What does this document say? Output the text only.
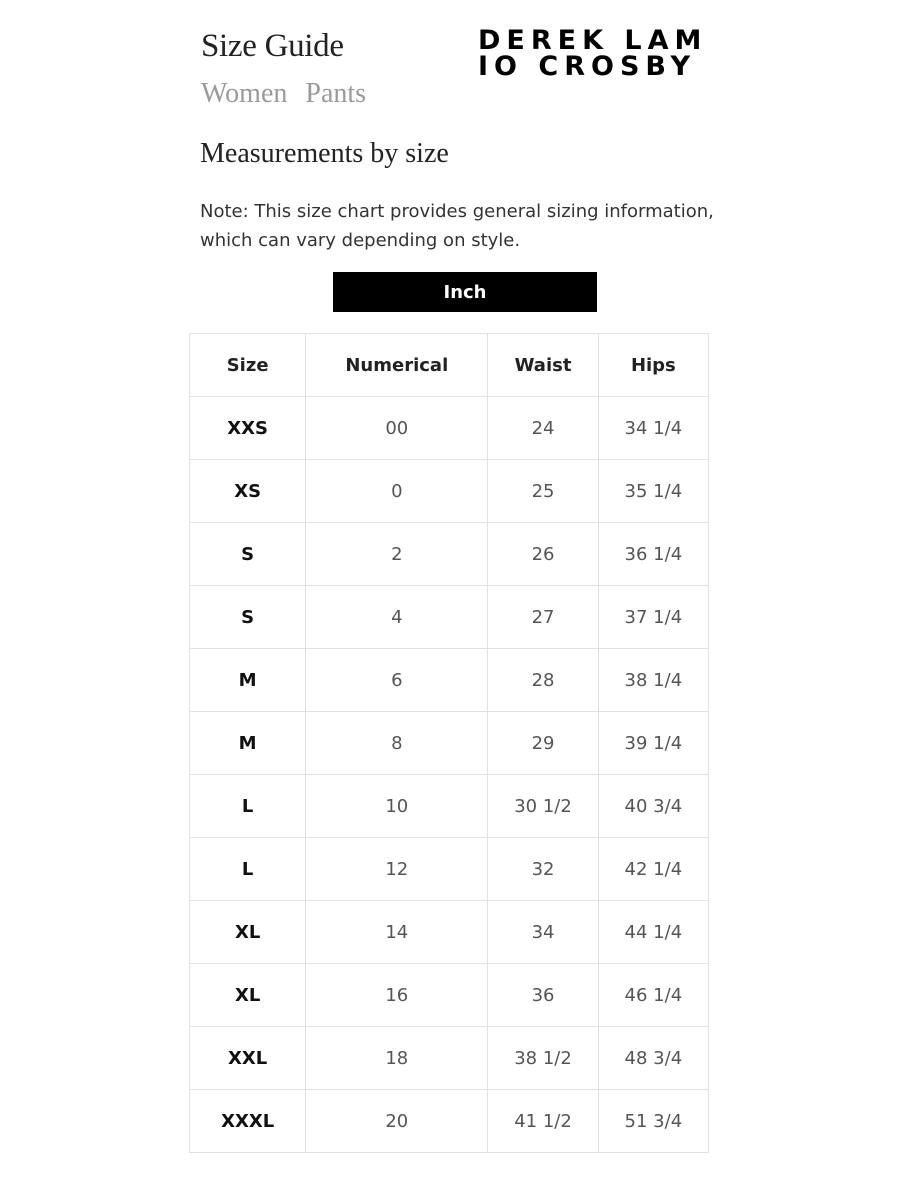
Size Guide
Women Pants
DEREK LAM
IO CROSBY
Measurements by size
Note: This size chart provides general sizing information, which can vary depending on style.
Inch
Size	Numerical	Waist	Hips
XXS	00	24	34 1/4
XS	0	25	35 1/4
S	2	26	36 1/4
S	4	27	37 1/4
M	6	28	38 1/4
M	8	29	39 1/4
L	10	30 1/2	40 3/4
L	12	32	42 1/4
XL	14	34	44 1/4
XL	16	36	46 1/4
XXL	18	38 1/2	48 3/4
XXXL	20	41 1/2	51 3/4
